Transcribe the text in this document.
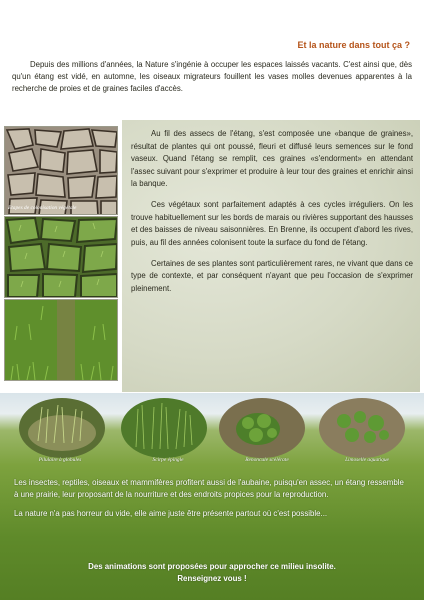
Et la nature dans tout ça ?

Depuis des millions d'années, la Nature s'ingénie à occuper les espaces laissés vacants. C'est ainsi que, dès qu'un étang est vidé, en automne, les oiseaux migrateurs fouillent les vases molles devenues apparentes à la recherche de proies et de graines faciles d'accès.

Etapes de colonisation végétale

Au fil des assecs de l'étang, s'est composée une «banque de graines», résultat de plantes qui ont poussé, fleuri et diffusé leurs semences sur le fond vaseux. Quand l'étang se remplit, ces graines «s'endorment» en attendant l'assec suivant pour s'exprimer et produire à leur tour des graines et enrichir ainsi la banque.

Ces végétaux sont parfaitement adaptés à ces cycles irréguliers. On les trouve habituellement sur les bords de marais ou rivières supportant des hausses et des baisses de niveau saisonnières. En Brenne, ils occupent d'abord les rives, puis, au fil des années colonisent toute la surface du fond de l'étang.

Certaines de ses plantes sont particulièrement rares, ne vivant que dans ce type de contexte, et par conséquent n'ayant que peu l'occasion de s'exprimer pleinement.

Pilulaire à globules	Scirpe épingle	Renoncule scélérate	Limoselle aquatique

Les insectes, reptiles, oiseaux et mammifères profitent aussi de l'aubaine, puisqu'en assec, un étang ressemble à une prairie, leur proposant de la nourriture et des endroits propices pour la reproduction.

La nature n'a pas horreur du vide, elle aime juste être présente partout où c'est possible...

Des animations sont proposées pour approcher ce milieu insolite.
Renseignez vous !
